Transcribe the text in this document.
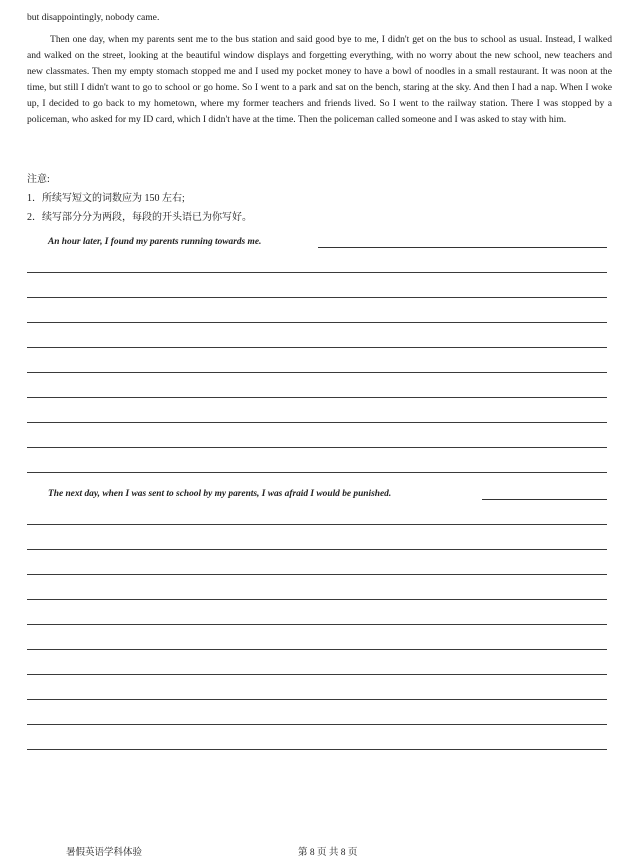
but disappointingly, nobody came.
Then one day, when my parents sent me to the bus station and said good bye to me, I didn't get on the bus to school as usual. Instead, I walked and walked on the street, looking at the beautiful window displays and forgetting everything, with no worry about the new school, new teachers and new classmates. Then my empty stomach stopped me and I used my pocket money to have a bowl of noodles in a small restaurant. It was noon at the time, but still I didn't want to go to school or go home. So I went to a park and sat on the bench, staring at the sky. And then I had a nap. When I woke up, I decided to go back to my hometown, where my former teachers and friends lived. So I went to the railway station. There I was stopped by a policeman, who asked for my ID card, which I didn't have at the time. Then the policeman called someone and I was asked to stay with him.
注意:
1．所续写短文的词数应为 150 左右;
2．续写部分分为两段，每段的开头语已为你写好。
An hour later, I found my parents running towards me.
The next day, when I was sent to school by my parents, I was afraid I would be punished.
暑假英语学科体验	第 8 页 共 8 页
